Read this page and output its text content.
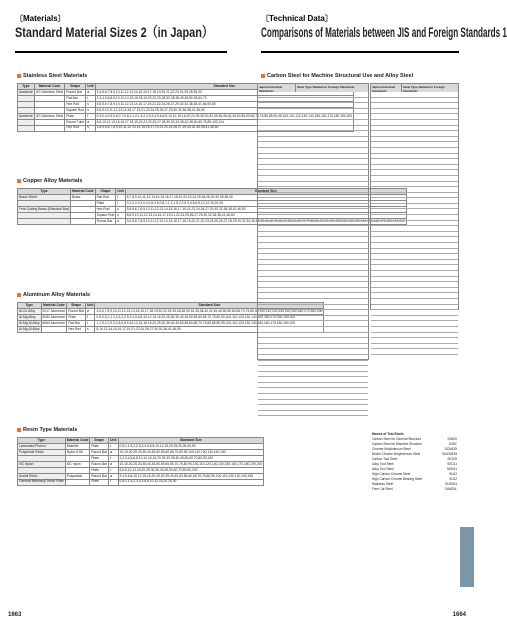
〔Materials〕
Standard Material Sizes 2（in Japan）
Stainless Steel Materials
Type	Material Code	Shape	Unit	Standard Size
Austenite	JIS Stainless Steel	Round Bar	ø	3,4,5,6,7,8,9,10,11,12,13,14,15,16,17,18,19,20,21,22,23,24,25,26,28,30
		Flat Bar	t	2,3,4,5,6,8,9,10,12,14,15,16,18,19,20,22,25,28,30,35,38,40,45,50,55,60,70
		Hex Rod	s	5,5.5,6,7,8,9,10,11,12,13,14,16,17,19,21,22,24,26,27,29,30,32,36,38,41,46,50,55
		Square Rod	s	6,8,9,10,11,12,13,14,16,17,19,21,22,24,25,26,27,29,30,32,36,38,41,46,50
Austenite	JIS Stainless Steel	Plate	t	0.3,0.4,0.5,0.6,0.7,0.8,1,1.2,1.5,2,2.5,3,4,5,6,8,9,10,12,15,16,20,22,25,28,30,32,35,36,38,40,45,50,55,60,65,70,75,80,85,90,95,100,110,120,130,140,150,160,170,180,190,200
		Round Tube	ø	6,8,10,12,13,15,16,17,18,19,20,21,22,25,27,28,30,32,34,38,42,48,50,60,76,89,102,114
		Hex Rod	s	3,5,5.5,6,7,8,9,10,11,12,13,14,15,16,17,19,21,22,24,26,27,29,30,32,36,38,41,46,50
Copper Alloy Materials
Type	Material Code	Shape	Unit	Standard Size
Brass Sheet	Brass	Flat Rod	t	6,7,8,9,10,11,12,13,14,15,16,17,18,19,20,22,24,25,26,28,30,32,35,38,40
		Plate	t	0.1,0.2,0.3,0.4,0.5,0.6,0.8,1,1.2,1.5,2,2.5,3,4,5,6,8,10,12,15,20,25
Free-Cutting Brass (Extruded Bar)		Hex Rod	s	5,5.5,6,7,8,9,10,11,12,13,14,15,16,17,19,21,22,24,26,27,29,30,32,36,38,41,46,50
		Square Rod	s	6,8,9,10,11,12,13,14,16,17,19,21,22,24,25,26,27,29,30,32,36,38,41,46,50
		Round Bar	ø	3,4,5,6,7,8,9,10,11,12,13,14,15,16,17,18,19,20,21,22,23,24,25,26,27,28,29,30,32,34,35,36,38,40,42,45,48,50,55,60,65,70,75,80,85,90,95,100,105,110,120,130,140,150,160,170,180,190,200
Aluminum Alloy Materials
Type	Material Code	Shape	Unit	Standard Size
Al-Cu Alloy	2017 Aluminum	Round Bar	ø	4,5,6,7,8,9,10,11,12,13,14,15,16,17,18,19,20,22,24,25,26,28,30,32,35,38,40,42,45,48,50,55,60,65,70,75,80,90,100,110,120,130,140,150,160,170,180,200
Al-Mg Alloy	5052 Aluminum	Plate	t	0.5,0.8,1,1.2,1.5,2,2.5,3,4,5,6,8,10,12,15,16,20,25,30,35,40,45,50,55,60,65,70,75,80,90,100,110,120,130,140,150,160,170,180,190,200
Al-Mg-Si Alloy	6063 Aluminum	Flat Bar	t	1,1.5,2,2.5,3,4,5,6,8,9,10,12,15,16,19,20,25,30,35,40,45,50,55,60,65,70,75,80,85,90,95,100,110,120,130,140,150,160,170,180,190,200
Al-Mg-Si Alloy		Hex Rod	s	8,10,13,14,15,16,17,19,21,22,24,26,27,30,32,36,41,46,50
Resin Type Materials
Type	Material Code	Shape	Unit	Standard Size
Laminated Phenol	Bakelite	Plate	t	0.5,1,1.5,2,2.5,3,4,5,6,8,10,12,15,20,25,30,35,40,50
Polyamide Resin	Nylon 6·66	Round Bar	ø	10,15,20,25,30,35,40,45,50,55,60,65,70,80,90,100,110,120,130,140,150
		Plate	t	1,2,3,4,5,6,8,10,12,15,16,20,25,30,35,40,45,50,60,70,80,90,100
MC Nylon	MC nylon	Round Bar	ø	10,15,20,25,30,35,40,45,50,55,60,65,70,75,80,90,100,110,120,130,140,150,160,170,180,190,200
		Plate	t	5,6,8,10,12,15,20,25,30,35,40,45,50,60,70,80,90,100
Acetal Resin	Polyacetal	Round Bar	ø	3,4,5,6,8,10,12,15,16,20,25,30,35,40,45,50,55,60,65,70,75,80,90,100,110,120,130,140,150
General Methacryl Resin Plate		Plate	t	0.8,1,1.5,2,3,4,5,6,8,10,12,15,20,25,30
1663
〔Technical Data〕
Comparisons of Materials between JIS and Foreign Standards 1
Carbon Steel for Machine Structural Use and Alloy Steel
Japan Industrial Standards
Steel Type Related to Foreign Standards	Japan Industrial Standards
Steel Type Related to Foreign Standards
Names of Test Steels
Carbon Steel for General Structure	SS400
Carbon Steel for Machine Structure	S45C
Chrome Molybdenum Steel	SCM435
Nickel Chrome Molybdenum Steel	SNCM439
Carbon Tool Steel	SK105
Alloy Tool Steel	SKD11
Alloy Tool Steel	SKD61
High Carbon Chrome Steel	SUJ2
High Carbon Chrome Bearing Steel	SUJ2
Stainless Steel	SUS304
Free Cut Steel	SUM24L
1664
